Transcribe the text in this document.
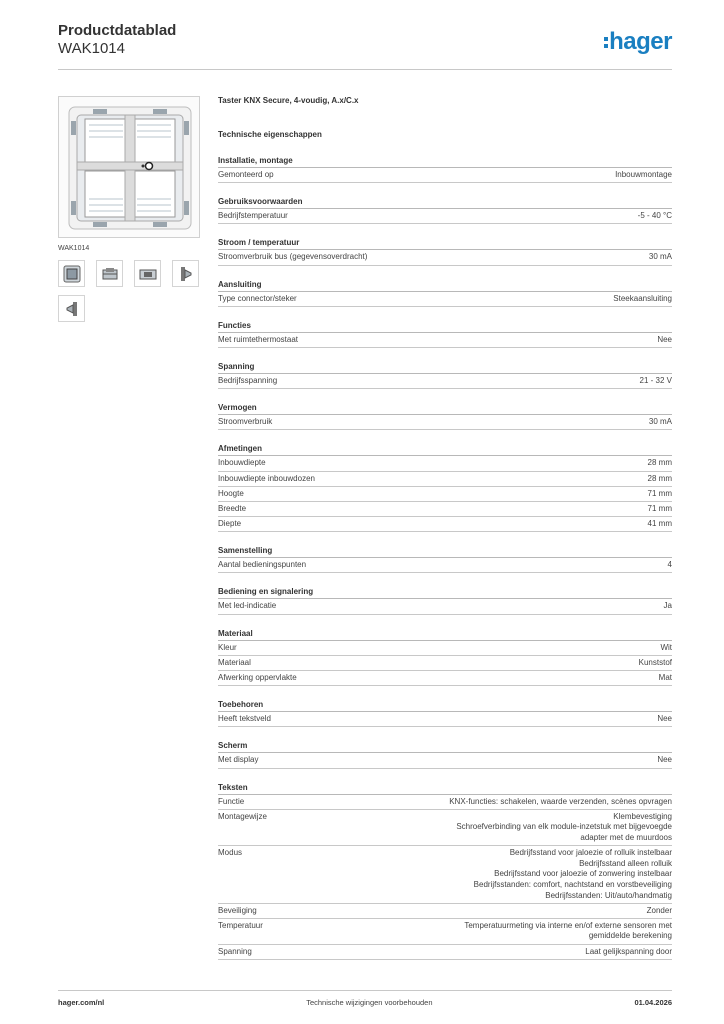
Productdatablad
WAK1014	hager
WAK1014
Taster KNX Secure, 4-voudig, A.x/C.x
Technische eigenschappen
Installatie, montage
Gemonteerd op	Inbouwmontage
Gebruiksvoorwaarden
Bedrijfstemperatuur	-5 - 40 °C
Stroom / temperatuur
Stroomverbruik bus (gegevensoverdracht)	30 mA
Aansluiting
Type connector/steker	Steekaansluiting
Functies
Met ruimtethermostaat	Nee
Spanning
Bedrijfsspanning	21 - 32 V
Vermogen
Stroomverbruik	30 mA
Afmetingen
Inbouwdiepte	28 mm
Inbouwdiepte inbouwdozen	28 mm
Hoogte	71 mm
Breedte	71 mm
Diepte	41 mm
Samenstelling
Aantal bedieningspunten	4
Bediening en signalering
Met led-indicatie	Ja
Materiaal
Kleur	Wit
Materiaal	Kunststof
Afwerking oppervlakte	Mat
Toebehoren
Heeft tekstveld	Nee
Scherm
Met display	Nee
Teksten
Functie	KNX-functies: schakelen, waarde verzenden, scènes opvragen
Montagewijze	Klembevestiging
Schroefverbinding van elk module-inzetstuk met bijgevoegde
adapter met de muurdoos
Modus	Bedrijfsstand voor jaloezie of rolluik instelbaar
Bedrijfsstand alleen rolluik
Bedrijfsstand voor jaloezie of zonwering instelbaar
Bedrijfsstanden: comfort, nachtstand en vorstbeveiliging
Bedrijfsstanden: Uit/auto/handmatig
Beveiliging	Zonder
Temperatuur	Temperatuurmeting via interne en/of externe sensoren met
gemiddelde berekening
Spanning	Laat gelijkspanning door
hager.com/nl	Technische wijzigingen voorbehouden	01.04.2026
